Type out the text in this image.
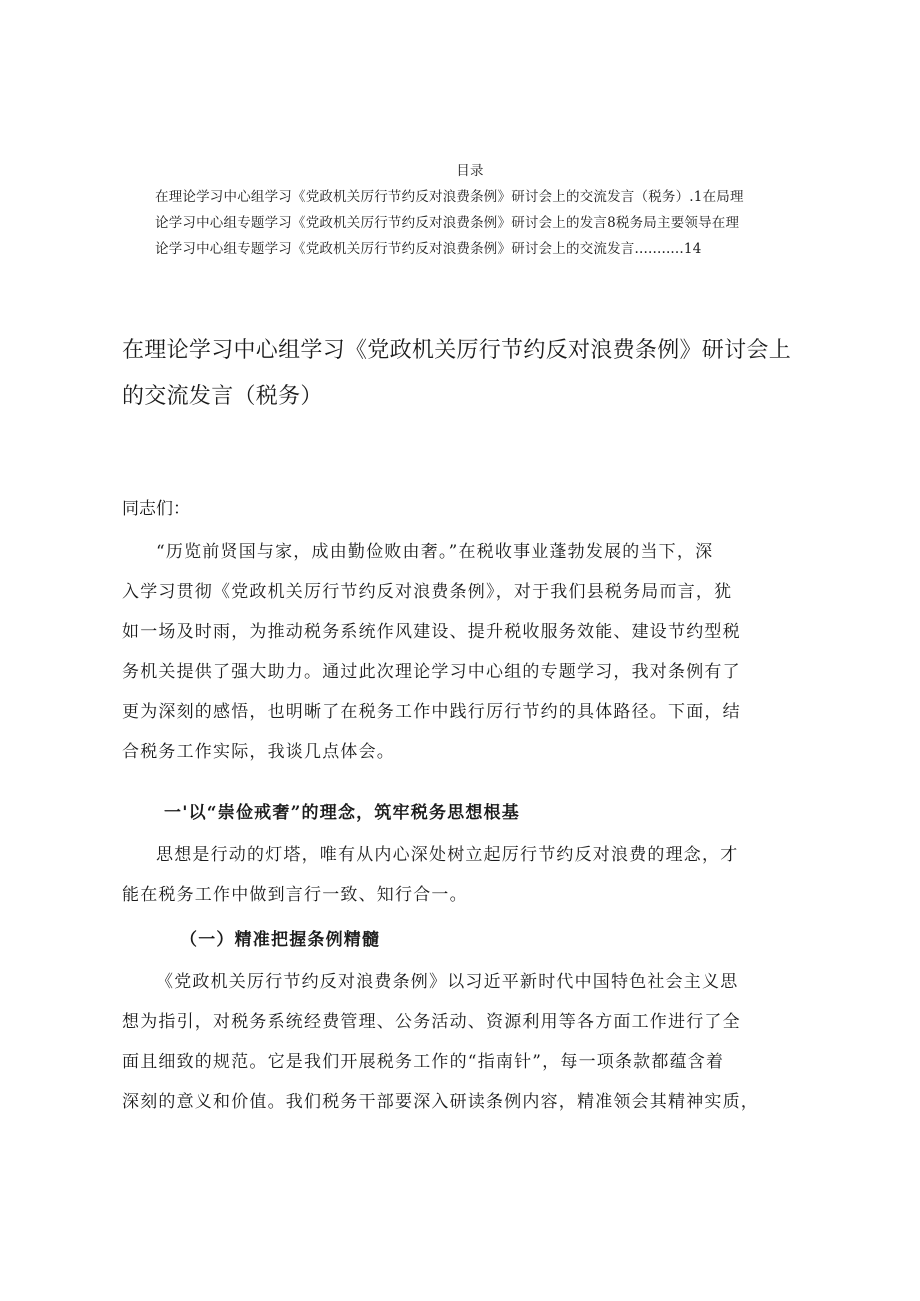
目录
在理论学习中心组学习《党政机关厉行节约反对浪费条例》研讨会上的交流发言（税务）.1在局理
论学习中心组专题学习《党政机关厉行节约反对浪费条例》研讨会上的发言8税务局主要领导在理
论学习中心组专题学习《党政机关厉行节约反对浪费条例》研讨会上的交流发言...........14
在理论学习中心组学习《党政机关厉行节约反对浪费条例》研讨会上
的交流发言（税务）
同志们：
“历览前贤国与家，成由勤俭败由奢。”在税收事业蓬勃发展的当下，深
入学习贯彻《党政机关厉行节约反对浪费条例》，对于我们县税务局而言，犹
如一场及时雨，为推动税务系统作风建设、提升税收服务效能、建设节约型税
务机关提供了强大助力。通过此次理论学习中心组的专题学习，我对条例有了
更为深刻的感悟，也明晰了在税务工作中践行厉行节约的具体路径。下面，结
合税务工作实际，我谈几点体会。
一'以“崇俭戒奢”的理念，筑牢税务思想根基
思想是行动的灯塔，唯有从内心深处树立起厉行节约反对浪费的理念，才
能在税务工作中做到言行一致、知行合一。
（一）精准把握条例精髓
《党政机关厉行节约反对浪费条例》以习近平新时代中国特色社会主义思
想为指引，对税务系统经费管理、公务活动、资源利用等各方面工作进行了全
面且细致的规范。它是我们开展税务工作的“指南针”，每一项条款都蕴含着
深刻的意义和价值。我们税务干部要深入研读条例内容，精准领会其精神实质，
